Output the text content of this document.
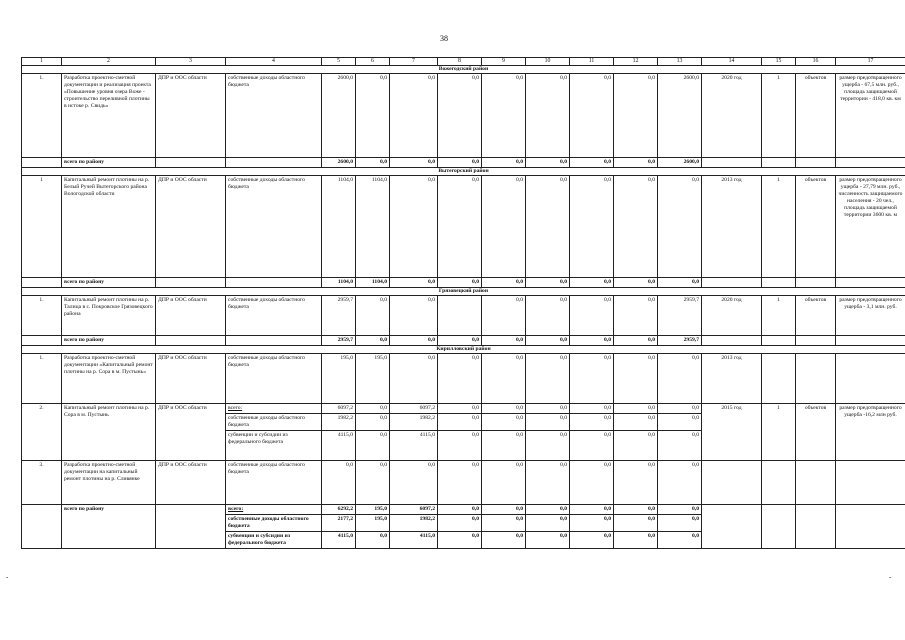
38
1	2	3	4	5	6	7	8	9	10	11	12	13	14	15	16	17
Вожегодский район																
1.	Разработка проектно-сметной документации и реализация проекта «Повышение уровня озера Воже - строительство переливной плотины в истоке р. Свидь»	ДПР и ООС области	собственные доходы областного бюджета	2600,0	0,0	0,0	0,0	0,0	0,0	0,0	0,0	2600,0	2020 год	1	объектов	размер предотвращенного ущерба - 67,5 млн. руб., площадь защищаемой территории - 418,0 кв. км
	всего по району			2600,0	0,0	0,0	0,0	0,0	0,0	0,0	0,0	2600,0				
Вытегорский район																
1	Капитальный ремонт плотины на р. Белый Ручей Вытегорского района Вологодской области	ДПР и ООС области	собственные доходы областного бюджета	1104,0	1104,0	0,0	0,0	0,0	0,0	0,0	0,0	0,0	2013 год	1	объектов	размер предотвращенного ущерба - 27,79 млн. руб., численность защищаемого населения - 20 чел., площадь защищаемой территории 3600 кв. м
	всего по району			1104,0	1104,0	0,0	0,0	0,0	0,0	0,0	0,0	0,0				
Грязовецкий район																
1.	Капитальный ремонт плотины на р. Талица в с. Покровское Грязовецкого района	ДПР и ООС области	собственные доходы областного бюджета	2959,7	0,0	0,0		0,0	0,0	0,0	0,0	2959,7	2020 год	1	объектов	размер предотвращенного ущерба - 3,1 млн. руб.
	всего по району			2959,7	0,0	0,0	0,0	0,0	0,0	0,0	0,0	2959,7				
Кирилловский район																
1.	Разработка проектно-сметной документации «Капитальный ремонт плотины на р. Сора в м. Пустынь»	ДПР и ООС области	собственные доходы областного бюджета	195,0	195,0	0,0	0,0	0,0	0,0	0,0	0,0	0,0	2013 год			
2.	Капитальный ремонт плотины на р. Сора в м. Пустынь	ДПР и ООС области	всего:	6097,2	0,0	6097,2	0,0	0,0	0,0	0,0	0,0	0,0	2015 год	1	объектов	размер предотвращенного ущерба -16,2 млн руб.
			собственные доходы областного бюджета	1982,2	0,0	1982,2	0,0	0,0	0,0	0,0	0,0	0,0				
			субвенции и субсидии из федерального бюджета	4115,0	0,0	4115,0	0,0	0,0	0,0	0,0	0,0	0,0				
3.	Разработка проектно-сметной документации на капитальный ремонт плотины на р. Сливянке	ДПР и ООС области	собственные доходы областного бюджета	0,0	0,0	0,0	0,0	0,0	0,0	0,0	0,0	0,0				
	всего по району		всего:	6292,2	195,0	6097,2	0,0	0,0	0,0	0,0	0,0	0,0				
			собственные доходы областного бюджета	2177,2	195,0	1982,2	0,0	0,0	0,0	0,0	0,0	0,0				
			субвенции и субсидии из федерального бюджета	4115,0	0,0	4115,0	0,0	0,0	0,0	0,0	0,0	0,0				
-	-
